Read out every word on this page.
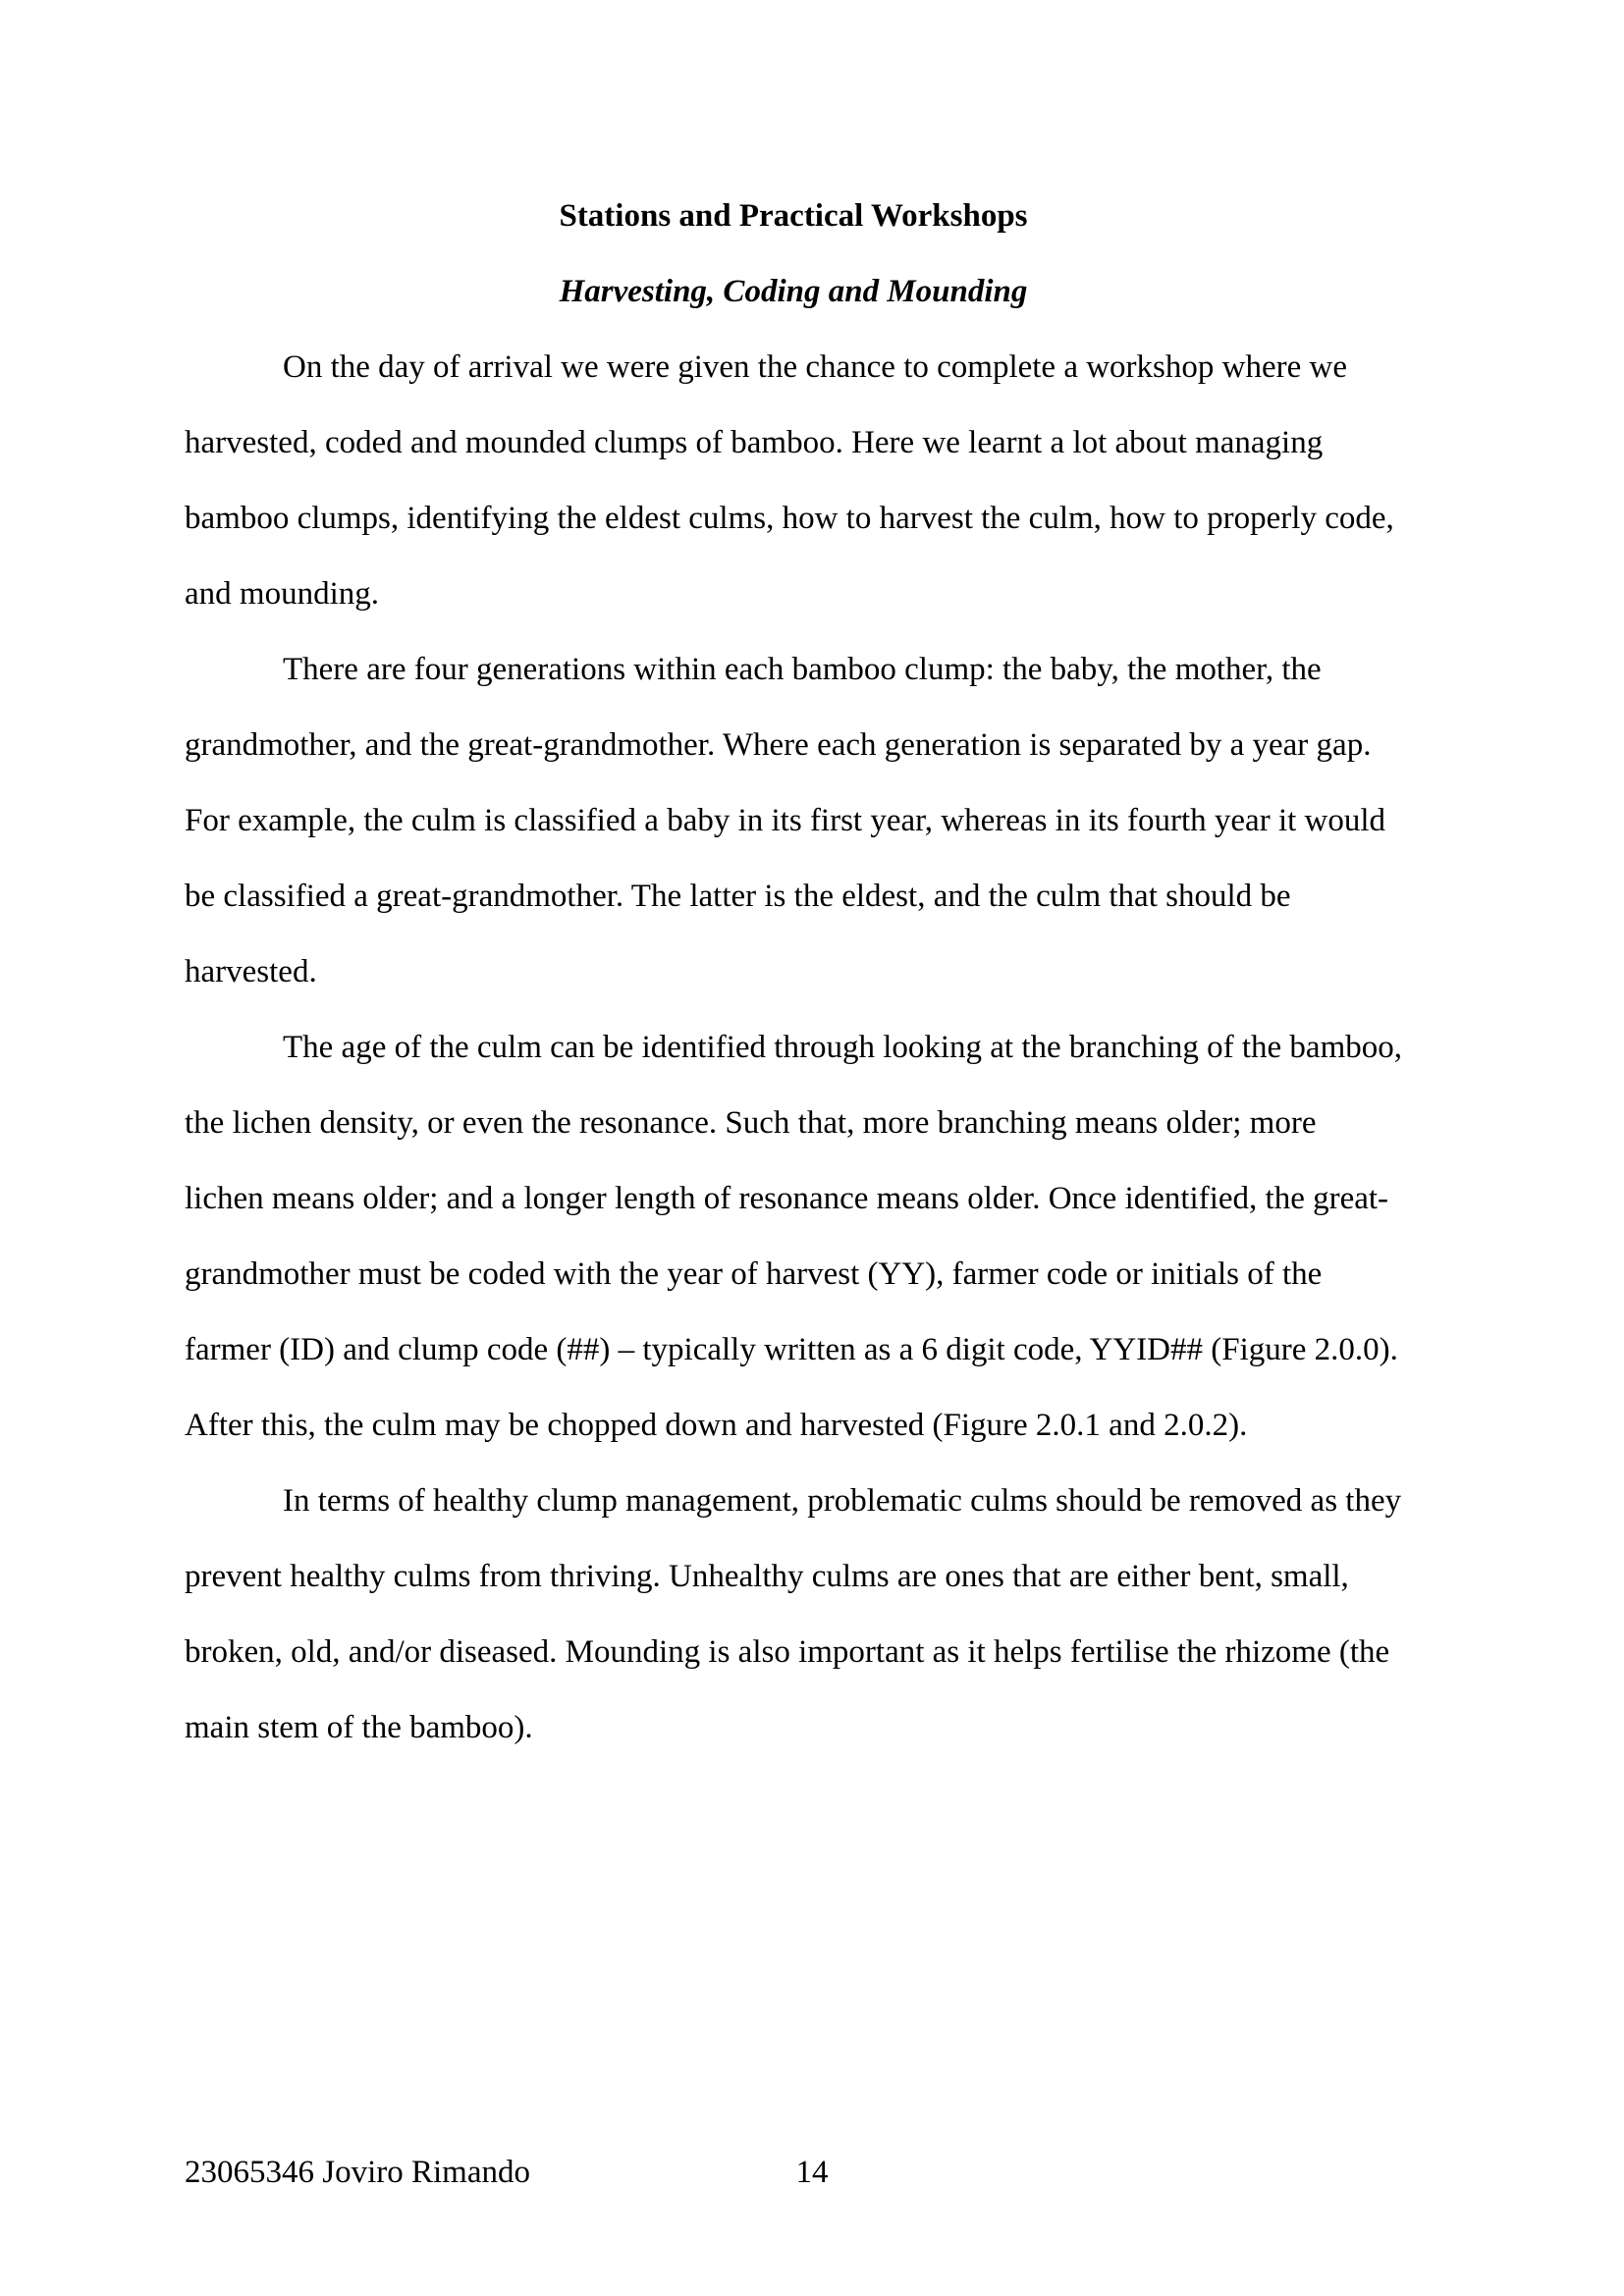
Stations and Practical Workshops
Harvesting, Coding and Mounding

On the day of arrival we were given the chance to complete a workshop where we harvested, coded and mounded clumps of bamboo. Here we learnt a lot about managing bamboo clumps, identifying the eldest culms, how to harvest the culm, how to properly code, and mounding.

There are four generations within each bamboo clump: the baby, the mother, the grandmother, and the great-grandmother. Where each generation is separated by a year gap. For example, the culm is classified a baby in its first year, whereas in its fourth year it would be classified a great-grandmother. The latter is the eldest, and the culm that should be harvested.

The age of the culm can be identified through looking at the branching of the bamboo, the lichen density, or even the resonance. Such that, more branching means older; more lichen means older; and a longer length of resonance means older. Once identified, the great-grandmother must be coded with the year of harvest (YY), farmer code or initials of the farmer (ID) and clump code (##) – typically written as a 6 digit code, YYID## (Figure 2.0.0). After this, the culm may be chopped down and harvested (Figure 2.0.1 and 2.0.2).

In terms of healthy clump management, problematic culms should be removed as they prevent healthy culms from thriving. Unhealthy culms are ones that are either bent, small, broken, old, and/or diseased. Mounding is also important as it helps fertilise the rhizome (the main stem of the bamboo).

23065346 Joviro Rimando	14
